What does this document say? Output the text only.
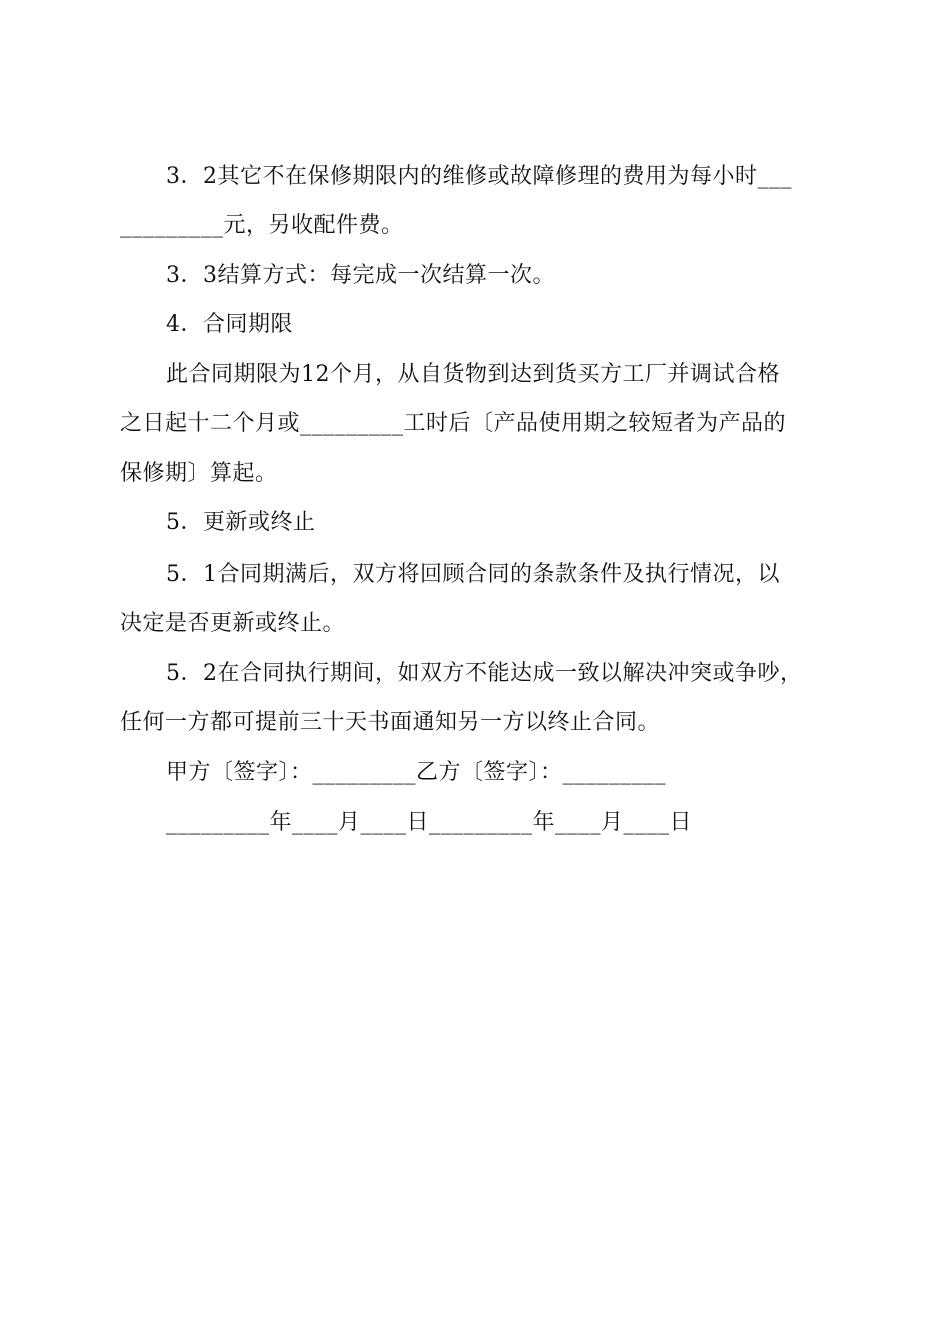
3．2其它不在保修期限内的维修或故障修理的费用为每小时___
_________元，另收配件费。
3．3结算方式：每完成一次结算一次。
4．合同期限
此合同期限为12个月，从自货物到达到货买方工厂并调试合格
之日起十二个月或_________工时后〔产品使用期之较短者为产品的
保修期〕算起。
5．更新或终止
5．1合同期满后，双方将回顾合同的条款条件及执行情况，以
决定是否更新或终止。
5．2在合同执行期间，如双方不能达成一致以解决冲突或争吵，
任何一方都可提前三十天书面通知另一方以终止合同。
甲方〔签字〕：_________乙方〔签字〕：_________
_________年____月____日_________年____月____日
